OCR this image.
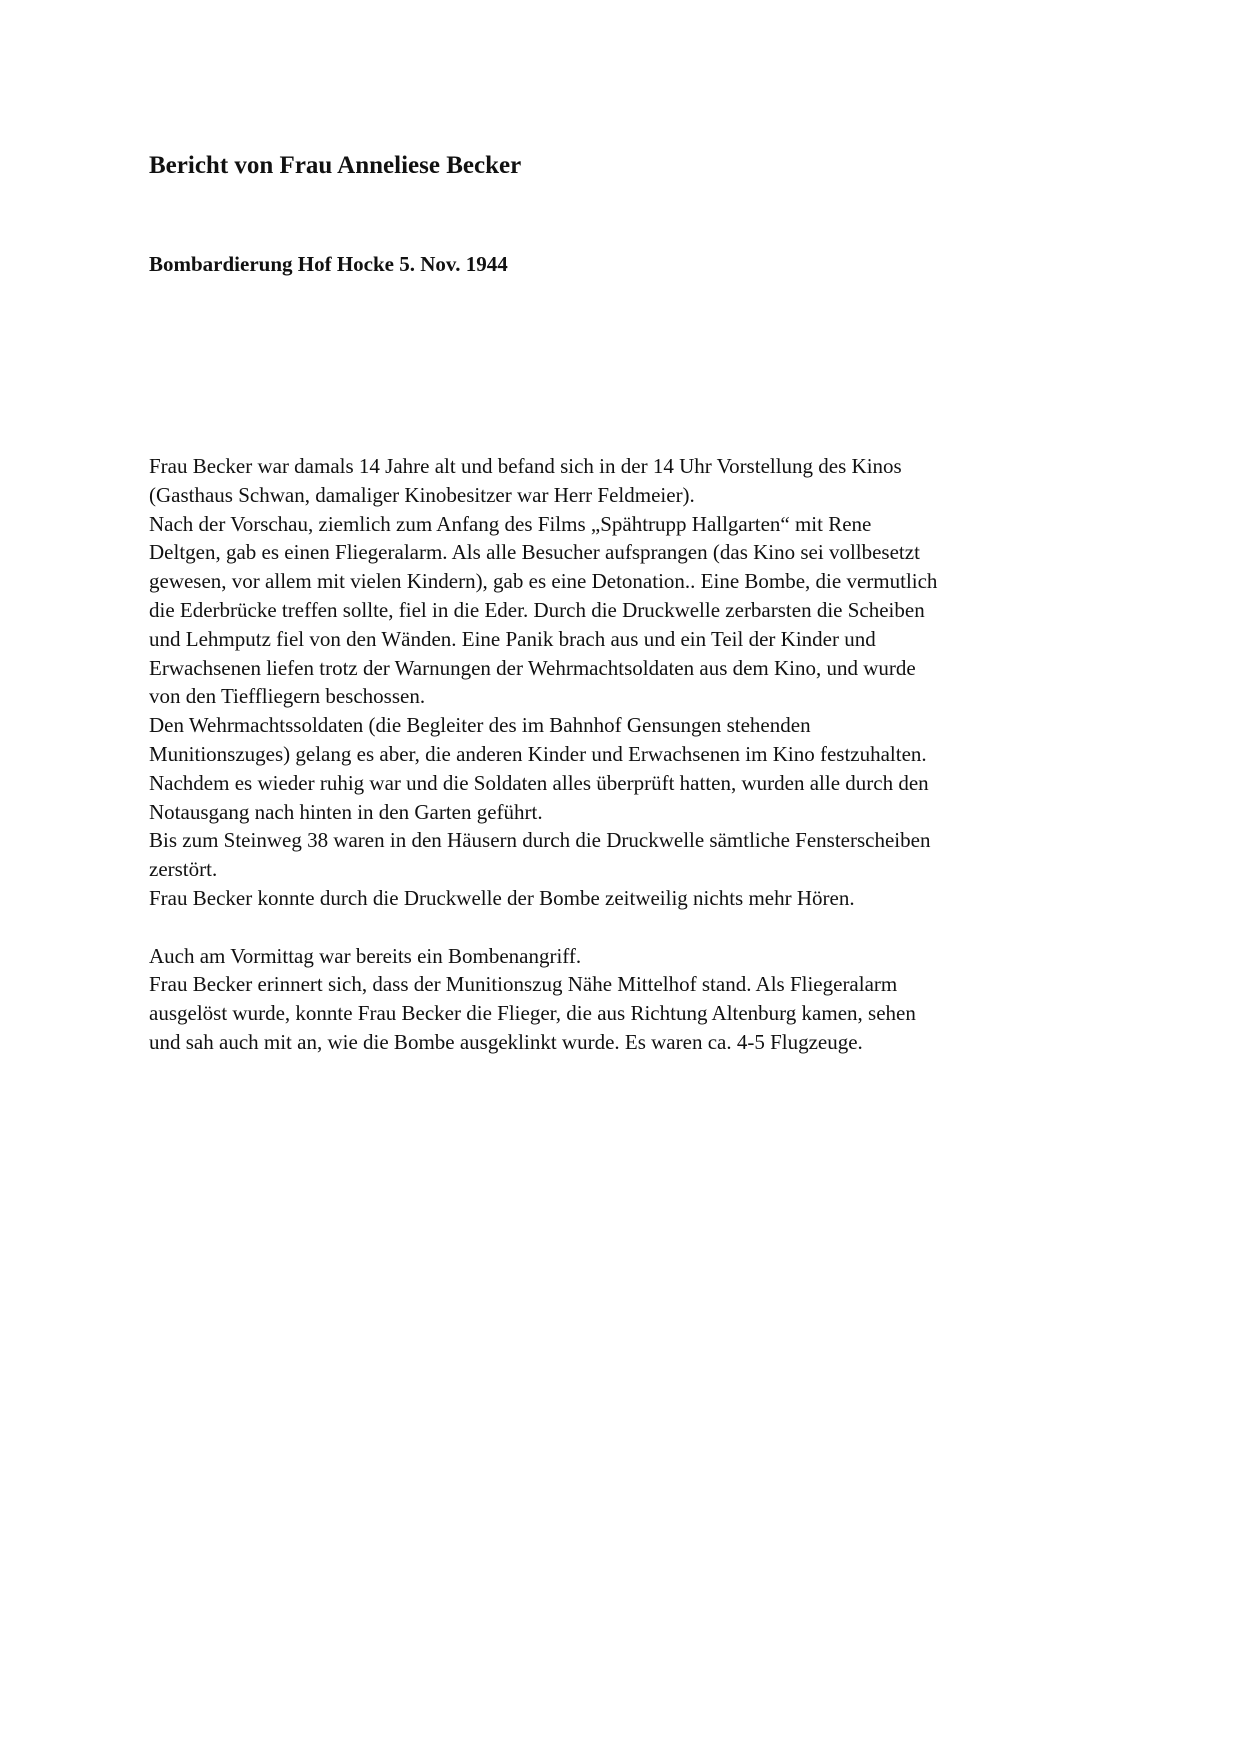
Bericht von Frau Anneliese Becker
Bombardierung Hof Hocke 5. Nov. 1944
Frau Becker war damals 14 Jahre alt und befand sich in der 14 Uhr Vorstellung des Kinos
(Gasthaus Schwan, damaliger Kinobesitzer war Herr Feldmeier).
Nach der Vorschau, ziemlich zum Anfang des Films „Spähtrupp Hallgarten“ mit Rene
Deltgen, gab es einen Fliegeralarm. Als alle Besucher aufsprangen (das Kino sei vollbesetzt
gewesen, vor allem mit vielen Kindern), gab es eine Detonation.. Eine Bombe, die vermutlich
die Ederbrücke treffen sollte, fiel in die Eder. Durch die Druckwelle zerbarsten die Scheiben
und Lehmputz fiel von den Wänden. Eine Panik brach aus und ein Teil der Kinder und
Erwachsenen liefen trotz der Warnungen der Wehrmachtsoldaten aus dem Kino, und wurde
von den Tieffliegern beschossen.
Den Wehrmachtssoldaten (die Begleiter des im Bahnhof Gensungen stehenden
Munitionszuges) gelang es aber, die anderen Kinder und Erwachsenen im Kino festzuhalten.
Nachdem es wieder ruhig war und die Soldaten alles überprüft hatten, wurden alle durch den
Notausgang nach hinten in den Garten geführt.
Bis zum Steinweg 38 waren in den Häusern durch die Druckwelle sämtliche Fensterscheiben
zerstört.
Frau Becker konnte durch die Druckwelle der Bombe zeitweilig nichts mehr Hören.
Auch am Vormittag war bereits ein Bombenangriff.
Frau Becker erinnert sich, dass der Munitionszug Nähe Mittelhof stand. Als Fliegeralarm
ausgelöst wurde, konnte Frau Becker die Flieger, die aus Richtung Altenburg kamen, sehen
und sah auch mit an, wie die Bombe ausgeklinkt wurde. Es waren ca. 4-5 Flugzeuge.
